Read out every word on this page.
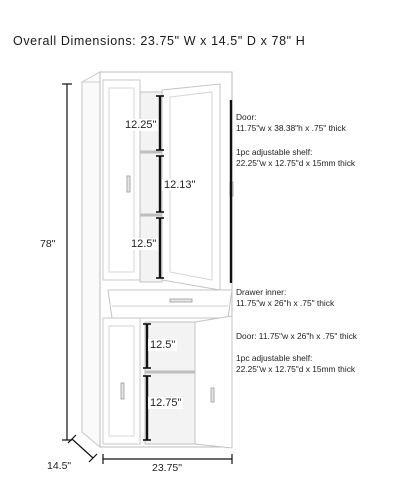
Overall Dimensions: 23.75" W x 14.5" D x 78" H
78"
14.5"	23.75"
12.25"
12.13"
12.5"
12.5"
12.75"
Door:
11.75"w x 38.38"h x .75" thick
1pc adjustable shelf:
22.25"w x 12.75"d x 15mm thick
Drawer inner:
11.75"w x 26"h x .75" thick
Door: 11.75"w x 26"h x .75" thick
1pc adjustable shelf:
22.25"w x 12.75"d x 15mm thick
